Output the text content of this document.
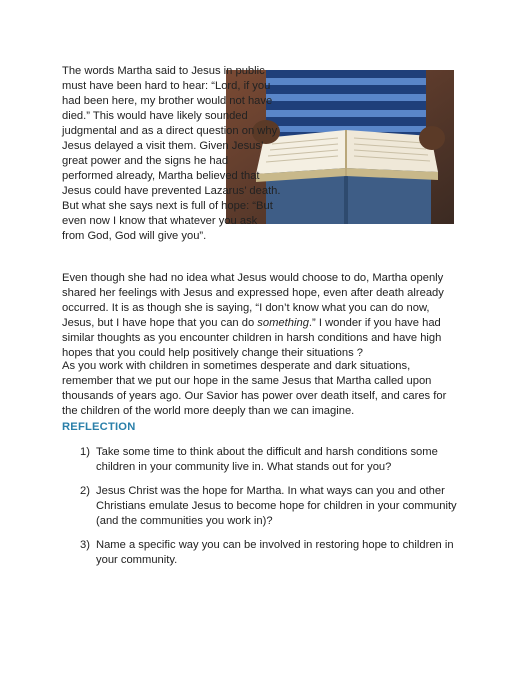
The words Martha said to Jesus in public must have been hard to hear: “Lord, if you had been here, my brother would not have died.” This would have likely sounded judgmental and as a direct question on why Jesus delayed a visit them. Given Jesus’ great power and the signs he had performed already, Martha believed that Jesus could have prevented Lazarus’ death. But what she says next is full of hope: “But even now I know that whatever you ask from God, God will give you”.

Even though she had no idea what Jesus would choose to do, Martha openly shared her feelings with Jesus and expressed hope, even after death already occurred. It is as though she is saying, “I don’t know what you can do now, Jesus, but I have hope that you can do something.” I wonder if you have had similar thoughts as you encounter children in harsh conditions and have high hopes that you could help positively change their situations ?

As you work with children in sometimes desperate and dark situations, remember that we put our hope in the same Jesus that Martha called upon thousands of years ago. Our Savior has power over death itself, and cares for the children of the world more deeply than we can imagine.

REFLECTION
1) Take some time to think about the difficult and harsh conditions some children in your community live in. What stands out for you?
2) Jesus Christ was the hope for Martha. In what ways can you and other Christians emulate Jesus to become hope for children in your community (and the communities you work in)?
3) Name a specific way you can be involved in restoring hope to children in your community.
